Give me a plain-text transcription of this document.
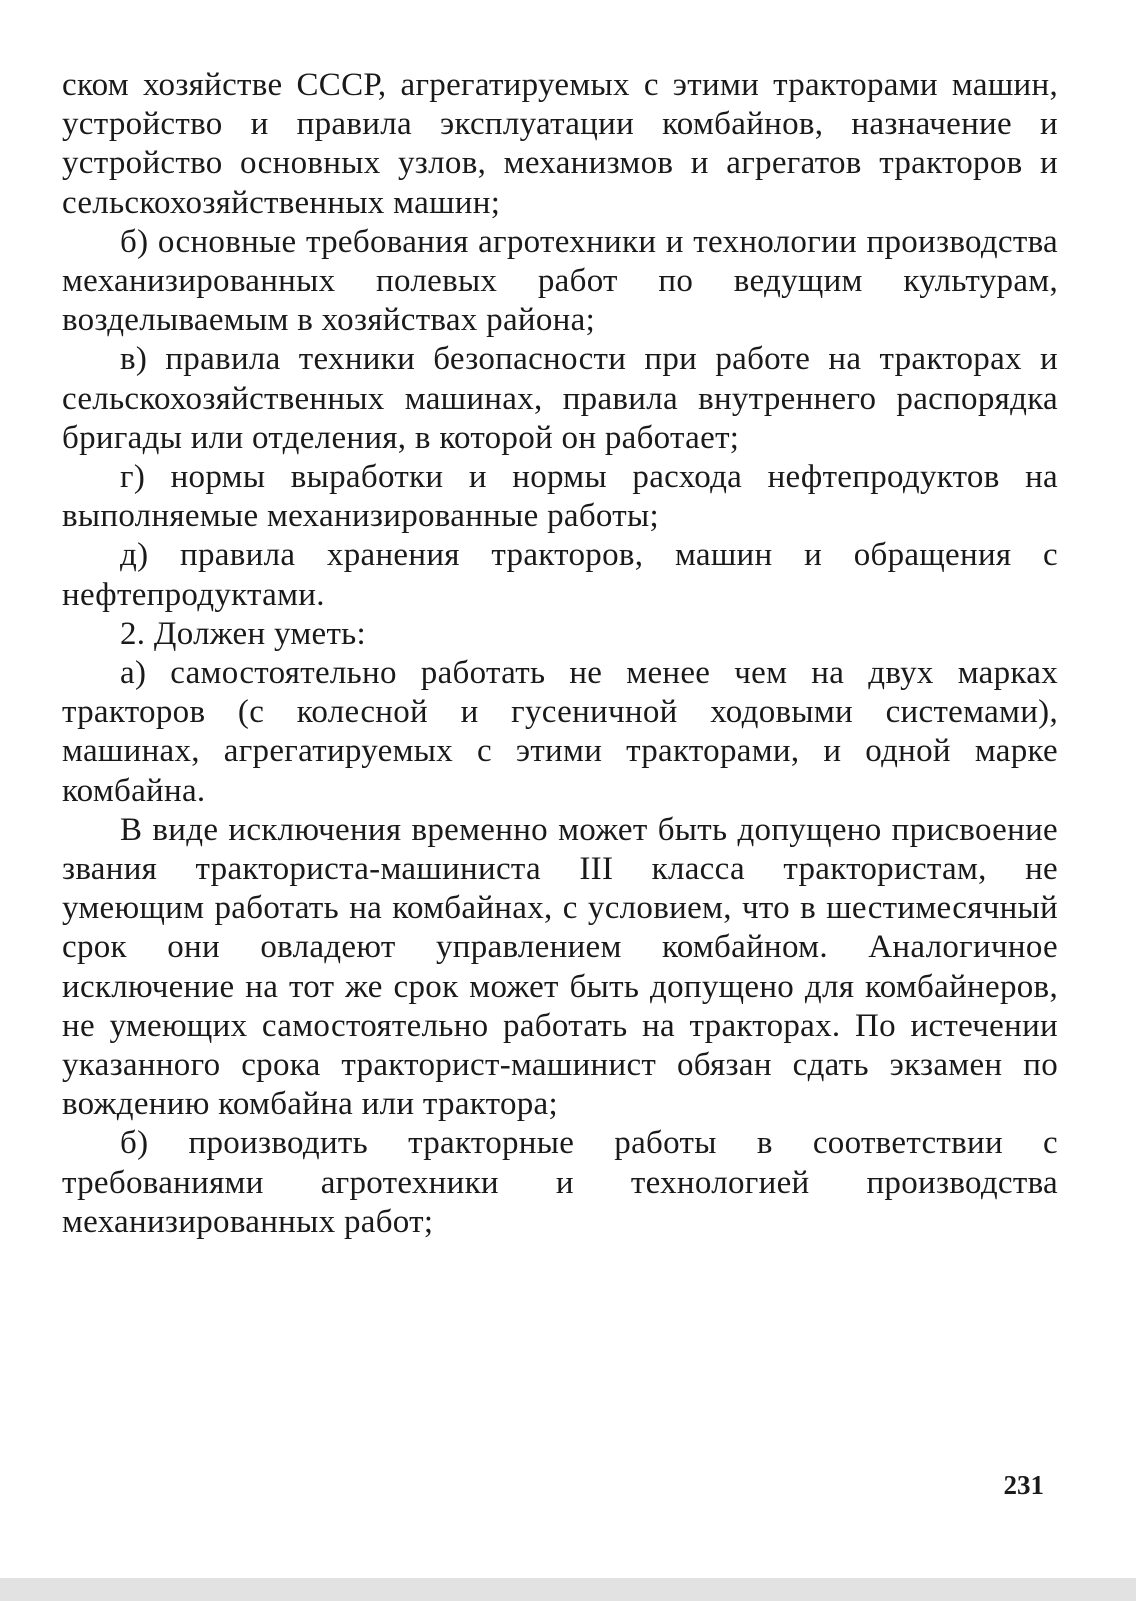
ском хозяйстве СССР, агрегатируемых с этими тракторами машин, устройство и правила эксплуатации комбайнов, назначение и устройство основных узлов, механизмов и агрегатов тракторов и сельскохозяйственных машин;

б) основные требования агротехники и технологии производства механизированных полевых работ по ведущим культурам, возделываемым в хозяйствах района;

в) правила техники безопасности при работе на тракторах и сельскохозяйственных машинах, правила внутреннего распорядка бригады или отделения, в которой он работает;

г) нормы выработки и нормы расхода нефтепродуктов на выполняемые механизированные работы;

д) правила хранения тракторов, машин и обращения с нефтепродуктами.

2. Должен уметь:

а) самостоятельно работать не менее чем на двух марках тракторов (с колесной и гусеничной ходовыми системами), машинах, агрегатируемых с этими тракторами, и одной марке комбайна.

В виде исключения временно может быть допущено присвоение звания тракториста-машиниста III класса трактористам, не умеющим работать на комбайнах, с условием, что в шестимесячный срок они овладеют управлением комбайном. Аналогичное исключение на тот же срок может быть допущено для комбайнеров, не умеющих самостоятельно работать на тракторах. По истечении указанного срока тракторист-машинист обязан сдать экзамен по вождению комбайна или трактора;

б) производить тракторные работы в соответствии с требованиями агротехники и технологией производства механизированных работ;

231
